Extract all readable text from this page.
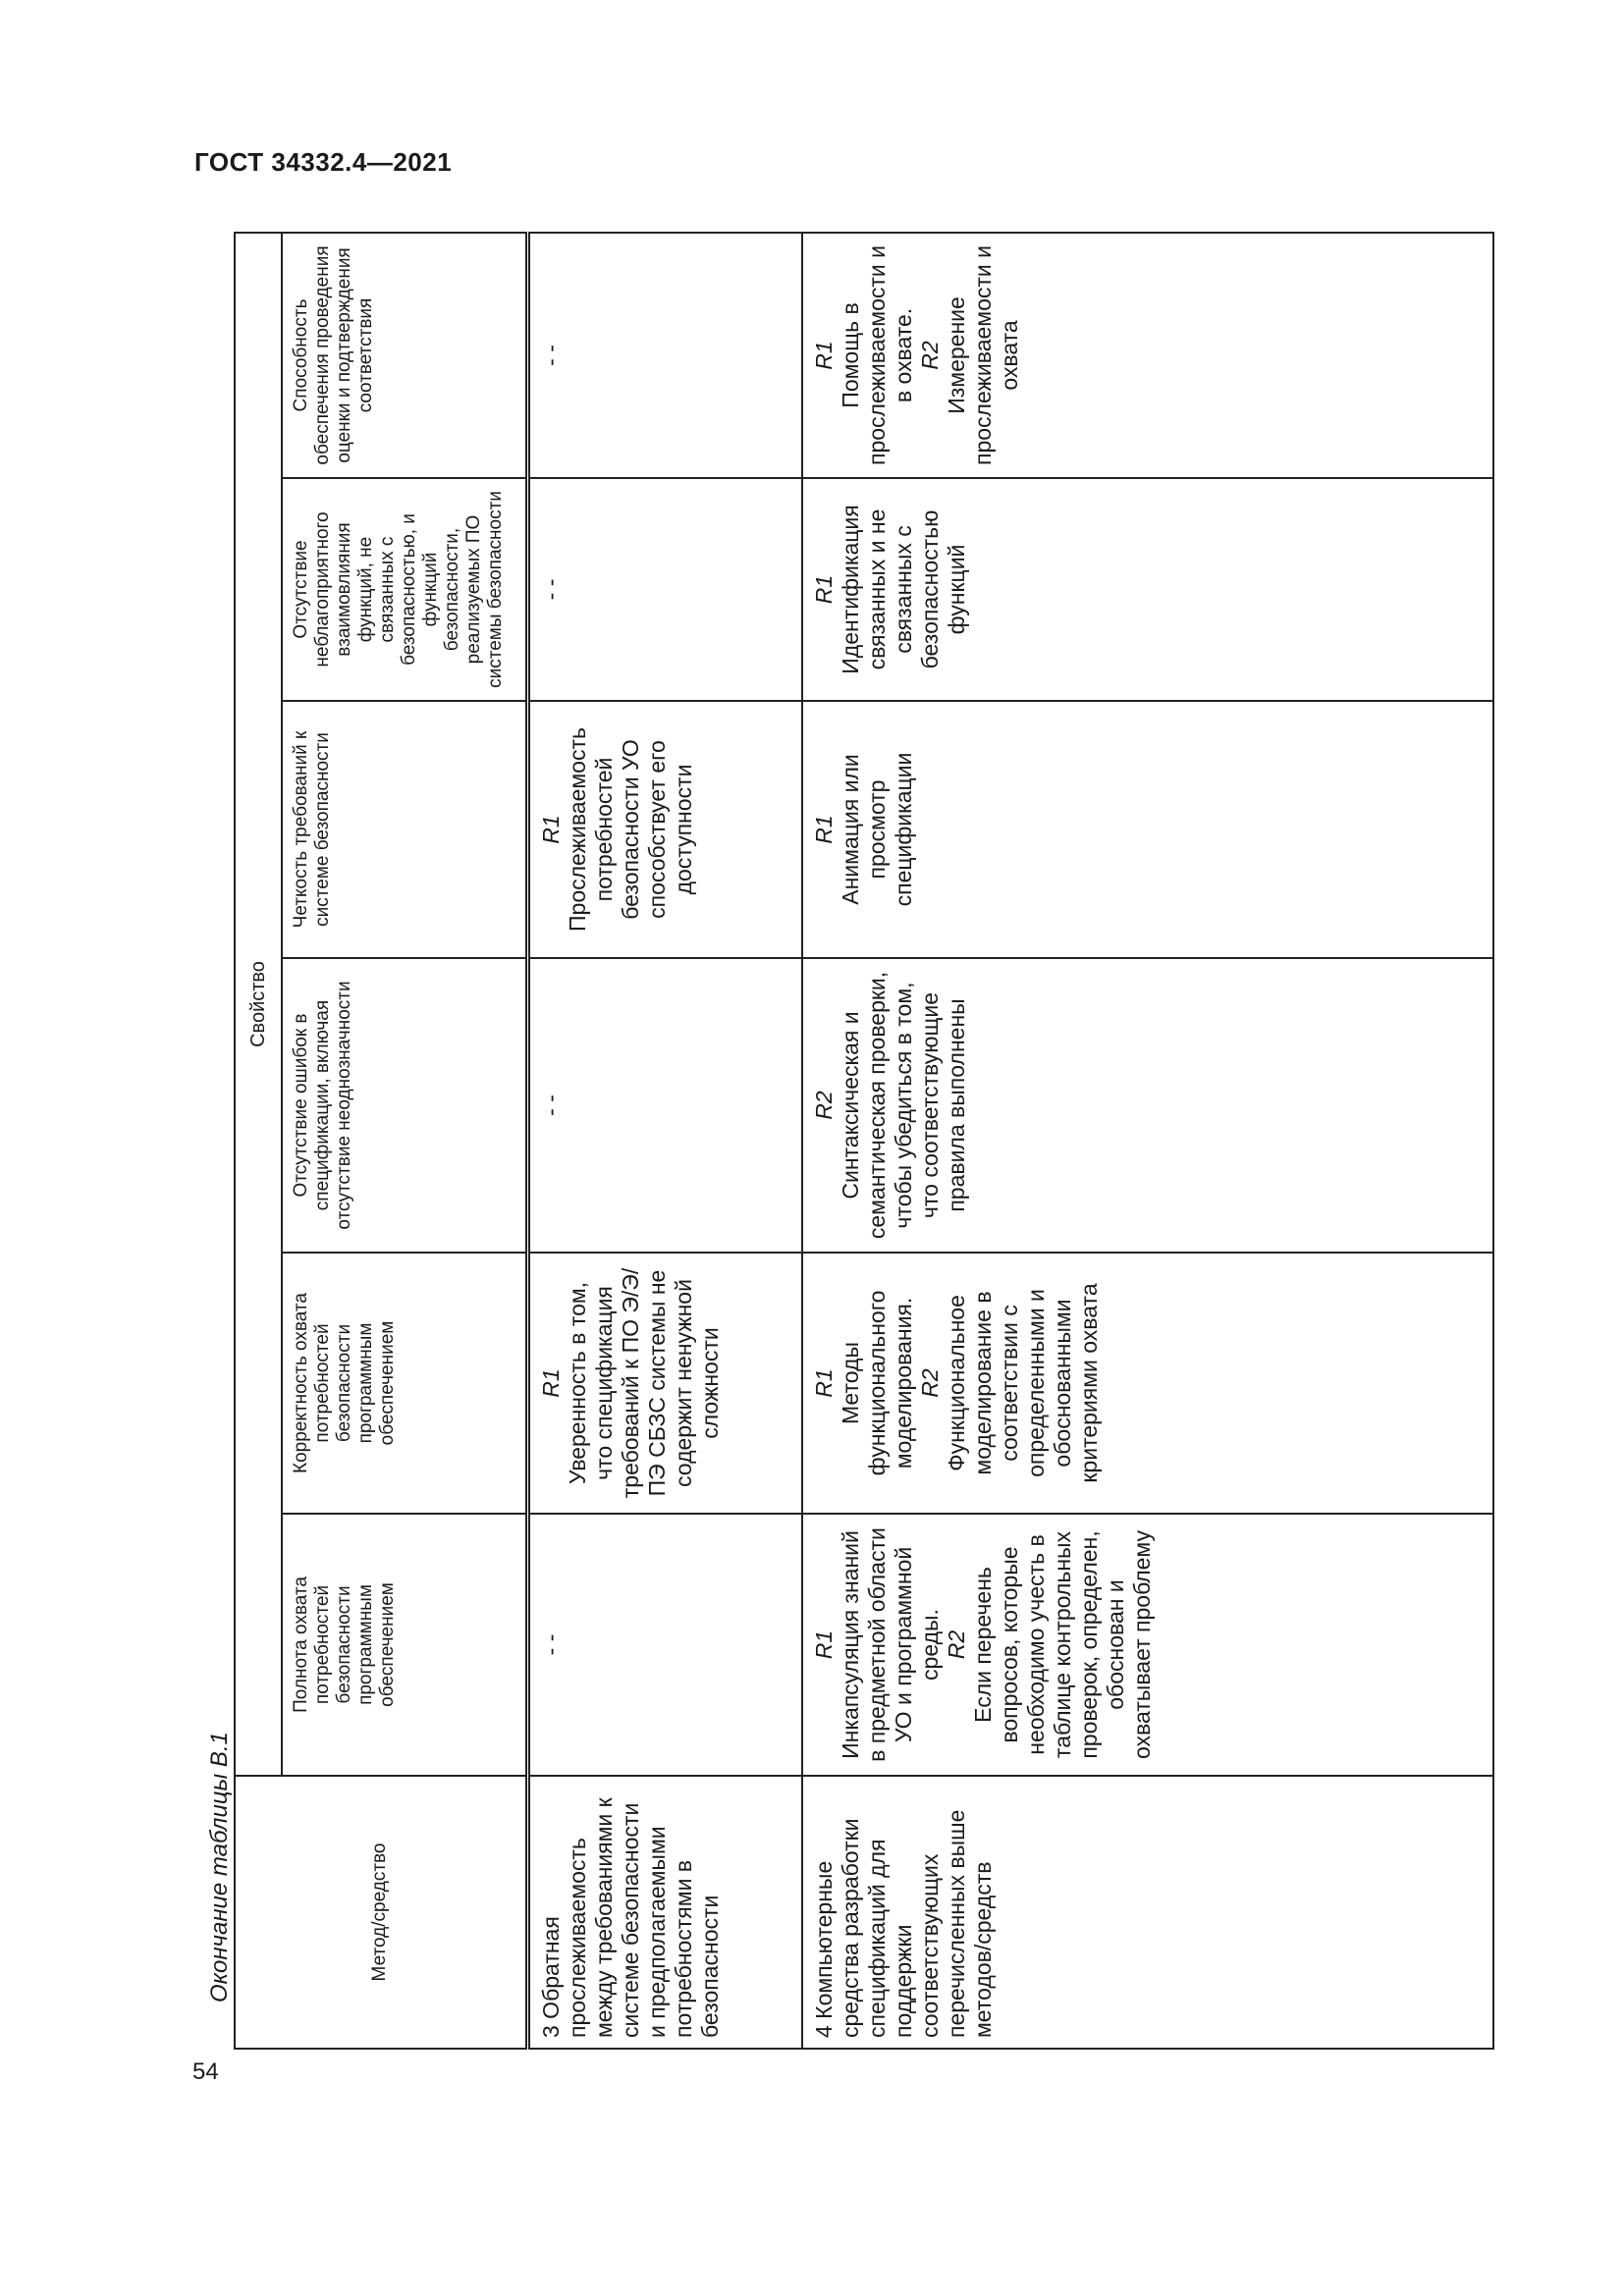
ГОСТ 34332.4—2021
Окончание таблицы В.1
54
Метод/средство	Свойство					
	Полнота охвата потребностей безопасности программным обеспечением	Корректность охвата потребностей безопасности программным обеспечением	Отсутствие ошибок в спецификации, включая отсутствие неоднозначности	Четкость требований к системе безопасности	Отсутствие неблагоприятного взаимовлияния функций, не связанных с безопасностью, и функций безопасности, реализуемых ПО системы безопасности	Способность обеспечения проведения оценки и подтверждения соответствия
3 Обратная прослеживаемость между требованиями к системе безопасности и предполагаемыми потребностями в безопасности	- -	R1 Уверенность в том, что спецификация требований к ПО Э/Э/ПЭ СБЗС системы не содержит ненужной сложности	- -	R1 Прослеживаемость потребностей безопасности УО способствует его доступности	- -	- -

4 Компьютерные средства разработки спецификаций для поддержки соответствующих перечисленных выше методов/средств	R1 Инкапсуляция знаний в предметной области УО и программной среды. R2 Если перечень вопросов, которые необходимо учесть в таблице контрольных проверок, определен, обоснован и охватывает проблему	R1 Методы функционального моделирования. R2 Функциональное моделирование в соответствии с определенными и обоснованными критериями охвата	R2 Синтаксическая и семантическая проверки, чтобы убедиться в том, что соответствующие правила выполнены	R1 Анимация или просмотр спецификации	R1 Идентификация связанных и не связанных с безопасностью функций	R1 Помощь в прослеживаемости и в охвате. R2 Измерение прослеживаемости и охвата
